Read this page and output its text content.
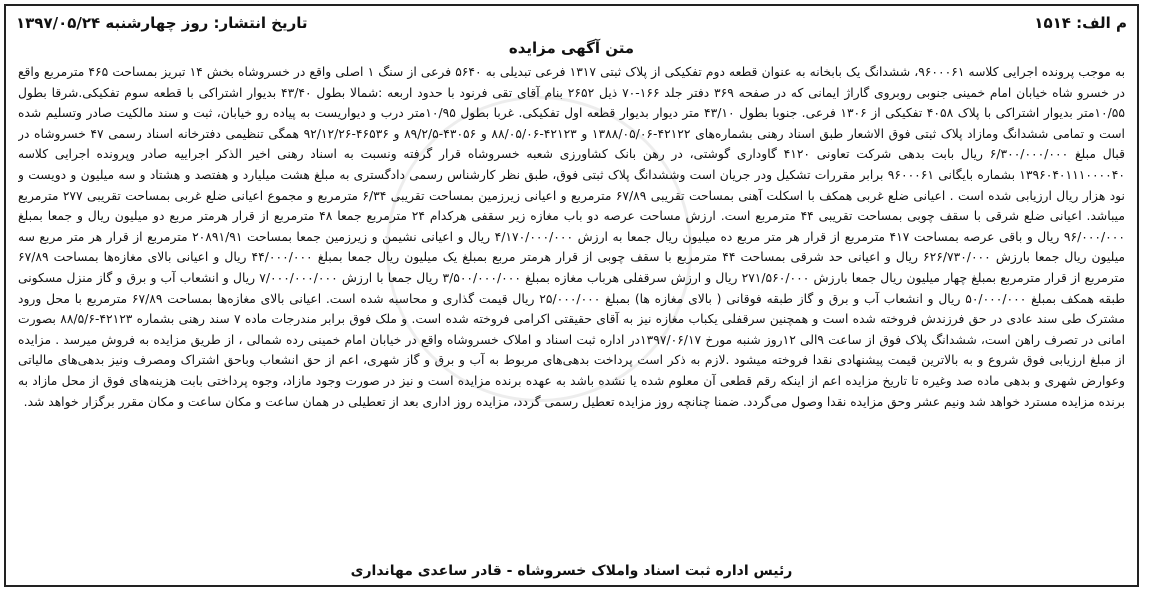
م الف: ۱۵۱۴
تاریخ انتشار: روز چهارشنبه ۱۳۹۷/۰۵/۲۴
متن آگهی مزایده
به موجب پرونده اجرایی کلاسه ۹۶۰۰۰۶۱، ششدانگ یک بابخانه به عنوان قطعه دوم تفکیکی از پلاک ثبتی ۱۳۱۷ فرعی تبدیلی به ۵۶۴۰ فرعی از سنگ ۱ اصلی واقع در خسروشاه بخش ۱۴ تبریز بمساحت ۴۶۵ مترمربع واقع در خسرو شاه خیابان امام خمینی جنوبی روبروی گاراژ ایمانی که در صفحه ۳۶۹ دفتر جلد ۱۶۶-۷۰ ذیل ۲۶۵۲ بنام آقای تقی فرنود با حدود اربعه :شمالا بطول ۴۳/۴۰ بدیوار اشتراکی با قطعه سوم تفکیکی.شرقا بطول ۱۰/۵۵متر بدیوار اشتراکی با پلاک ۴۰۵۸ تفکیکی از ۱۳۰۶ فرعی. جنوبا بطول ۴۳/۱۰ متر دیوار بدیوار قطعه اول تفکیکی. غربا بطول ۱۰/۹۵متر درب و دیواریست به پیاده رو خیابان، ثبت و سند مالکیت صادر وتسلیم شده است و تمامی ششدانگ ومازاد پلاک ثبتی فوق الاشعار طبق اسناد رهنی بشماره‌های ۴۲۱۲۲-۱۳۸۸/۰۵/۰۶ و ۴۲۱۲۳-۸۸/۰۵/۰۶ و ۴۳۰۵۶-۸۹/۲/۵ و ۴۶۵۳۶-۹۲/۱۲/۲۶ همگی تنظیمی دفترخانه اسناد رسمی ۴۷ خسروشاه در قبال مبلغ ۶/۳۰۰/۰۰۰/۰۰۰ ریال بابت بدهی شرکت تعاونی ۴۱۲۰ گاوداری گوشتی، در رهن بانک کشاورزی شعبه خسروشاه قرار گرفته ونسبت به اسناد رهنی اخیر الذکر اجراییه صادر وپرونده اجرایی کلاسه ۱۳۹۶۰۴۰۱۱۱۰۰۰۰۴۰ بشماره بایگانی ۹۶۰۰۰۶۱ برابر مقررات تشکیل ودر جریان است وششدانگ پلاک ثبتی فوق، طبق نظر کارشناس رسمی دادگستری به مبلغ هشت میلیارد و هفتصد و هشتاد و سه میلیون و دویست و نود هزار ریال ارزیابی شده است . اعیانی ضلع غربی همکف با اسکلت آهنی بمساحت تقریبی ۶۷/۸۹ مترمربع و اعیانی زیرزمین بمساحت تقریبی ۶/۳۴ مترمربع و مجموع اعیانی ضلع غربی بمساحت تقریبی ۲۷۷ مترمربع میباشد. اعیانی ضلع شرقی با سقف چوبی بمساحت تقریبی ۴۴ مترمربع است. ارزش مساحت عرصه دو باب مغازه زیر سقفی هرکدام ۲۴ مترمربع جمعا ۴۸ مترمربع از قرار هرمتر مربع دو میلیون ریال و جمعا بمبلغ ۹۶/۰۰۰/۰۰۰ ریال و باقی عرصه بمساحت ۴۱۷ مترمربع از قرار هر متر مربع ده میلیون ریال جمعا به ارزش ۴/۱۷۰/۰۰۰/۰۰۰ ریال و اعیانی نشیمن و زیرزمین جمعا بمساحت ۲۰۸۹۱/۹۱ مترمربع از قرار هر متر مربع سه میلیون ریال جمعا بارزش ۶۲۶/۷۳۰/۰۰۰ ریال و اعیانی حد شرقی بمساحت ۴۴ مترمربع با سقف چوبی از قرار هرمتر مربع بمبلغ یک میلیون ریال جمعا بمبلغ ۴۴/۰۰۰/۰۰۰ ریال و اعیانی بالای مغازه‌ها بمساحت ۶۷/۸۹ مترمربع از قرار مترمربع بمبلغ چهار میلیون ریال جمعا بارزش ۲۷۱/۵۶۰/۰۰۰ ریال و ارزش سرقفلی هرباب مغازه بمبلغ ۳/۵۰۰/۰۰۰/۰۰۰ ریال جمعا با ارزش ۷/۰۰۰/۰۰۰/۰۰۰ ریال و انشعاب آب و برق و گاز منزل مسکونی طبقه همکف بمبلغ ۵۰/۰۰۰/۰۰۰ ریال و انشعاب آب و برق و گاز طبقه فوقانی ( بالای مغازه ها) بمبلغ ۲۵/۰۰۰/۰۰۰ ریال قیمت گذاری و محاسبه شده است. اعیانی بالای مغازه‌ها بمساحت ۶۷/۸۹ مترمربع با محل ورود مشترک طی سند عادی در حق فرزندش فروخته شده است و همچنین سرقفلی یکباب مغازه نیز به آقای حقیقتی اکرامی فروخته شده است. و ملک فوق برابر مندرجات ماده ۷ سند رهنی بشماره ۴۲۱۲۳-۸۸/۵/۶ بصورت امانی در تصرف راهن است، ششدانگ پلاک فوق از ساعت ۹الی ۱۲روز شنبه مورخ ۱۳۹۷/۰۶/۱۷در اداره ثبت اسناد و املاک خسروشاه واقع در خیابان امام خمینی رده شمالی ، از طریق مزایده به فروش میرسد . مزایده از مبلغ ارزیابی فوق شروع و به بالاترین قیمت پیشنهادی نقدا فروخته میشود .لازم به ذکر است پرداخت بدهی‌های مربوط به آب و برق و گاز شهری، اعم از حق انشعاب وباحق اشتراک ومصرف ونیز بدهی‌های مالیاتی وعوارض شهری و بدهی ماده صد وغیره تا تاریخ مزایده اعم از اینکه رقم قطعی آن معلوم شده یا نشده باشد به عهده برنده مزایده است و نیز در صورت وجود مازاد، وجوه پرداختی بابت هزینه‌های فوق از محل مازاد به برنده مزایده مسترد خواهد شد ونیم عشر وحق مزایده نقدا وصول می‌گردد. ضمنا چنانچه روز مزایده تعطیل رسمی گردد، مزایده روز اداری بعد از تعطیلی در همان ساعت و مکان ساعت و مکان مقرر برگزار خواهد شد.
رئیس اداره ثبت اسناد واملاک خسروشاه - قادر ساعدی مهانداری
